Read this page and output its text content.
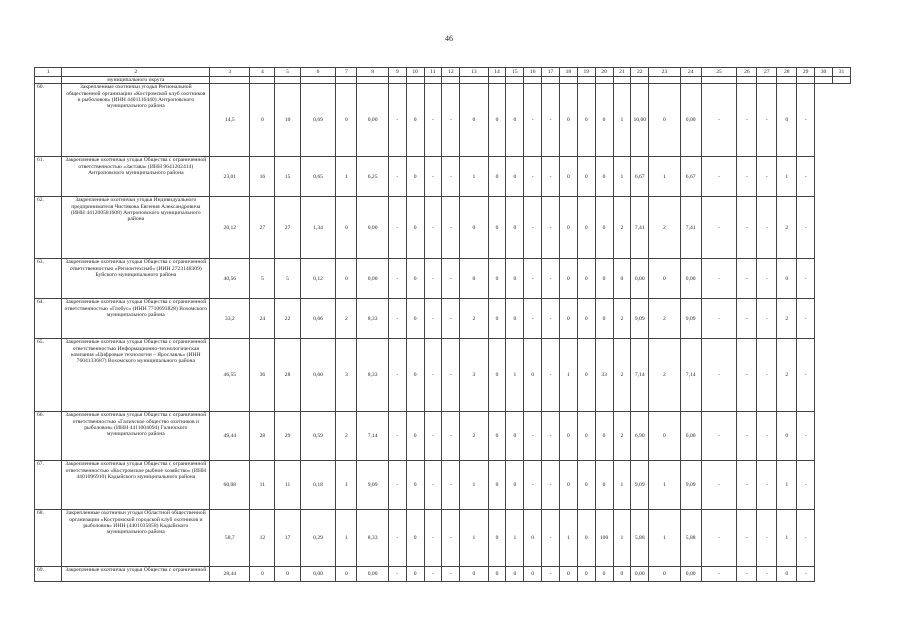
46
1	2	3	4	5	6	7	8	9	10	11	12	13	14	15	16	17	18	19	20	21	22	23	24	25	26	27	28	29	30	31
	муниципального округа																													
60.	Закрепленные охотничьи угодья Региональной общественной организации «Костромской клуб охотников и рыболовов» (ИНН 4401116440) Антроповского муниципального района	14,5	0	10	0,69	0	0,00	-	0	-	-	0	0	0	-	-	0	0	0	1	10,00	0	0,00	-	-	-	0	-		
61.	Закрепленные охотничьи угодья Общества с ограниченной ответственностью «Застава» (ИНН 9641202414) Антроповского муниципального района	23,01	16	15	0,65	1	6,25	-	0	-	-	1	0	0	-	-	0	0	0	1	6,67	1	6,67	-	-	-	1	-		
62.	Закрепленные охотничьи угодья Индивидуального предпринимателя Чистякова Евгения Александровича (ИНН 441200581608) Антроповского муниципального района	20,12	27	27	1,34	0	0,00	-	0	-	-	0	0	0	-	-	0	0	0	2	7,41	2	7,41	-	-	-	2	-		
63.	Закрепленные охотничьи угодья Общества с ограниченной ответственностью «Регионтехснаб» (ИНН 2723148309) Буйского муниципального района	40,56	5	5	0,12	0	0,00	-	0	-	-	0	0	0	-	-	0	0	0	0	0,00	0	0,00	-	-	-	0	-		
64.	Закрепленные охотничьи угодья Общества с ограниченной ответственностью «Глобус» (ИНН 7710693828) Вохомского муниципального района	33,2	24	22	0,66	2	8,33	-	0	-	-	2	0	0	-	-	0	0	0	2	9,09	2	9,09	-	-	-	2	-		
65.	Закрепленные охотничьи угодья Общества с ограниченной ответственностью Информационно-технологическая компания «Цифровые технологии – Ярославль» (ИНН 7604133687) Вохомского муниципального района	46,55	36	28	0,60	3	8,33	-	0	-	-	3	0	1	0	-	1	0	33	2	7,14	2	7,14	-	-	-	2	-		
66.	Закрепленные охотничьи угодья Общества с ограниченной ответственностью «Галичское общество охотников и рыболовов» (ИНН 4411004094) Галичского муниципального района	49,44	28	29	0,59	2	7,14	-	0	-	-	2	0	0	-	-	0	0	0	2	6,90	0	0,00	-	-	-	0	-		
67.	Закрепленные охотничьи угодья Общества с ограниченной ответственностью «Костромское рыбное хозяйство» (ИНН 4401096910) Кадыйского муниципального района	60,08	11	11	0,18	1	9,09	-	0	-	-	1	0	0	-	-	0	0	0	1	9,09	1	9,09	-	-	-	1	-		
68.	Закрепленные охотничьи угодья Областной общественной организации «Костромской городской клуб охотников и рыболовов» ИНН (4401035858) Кадыйского муниципального района	58,7	12	17	0,29	1	8,33	-	0	-	-	1	0	1	0	-	1	0	100	1	5,88	1	5,88	-	-	-	1	-		
69.	Закрепленные охотничьи угодья Общества с ограниченной	28,44	0	0	0,00	0	0,00	-	0	-	-	0	0	0	0	-	0	0	0	0	0,00	0	0,00	-	-	-	0	-		
